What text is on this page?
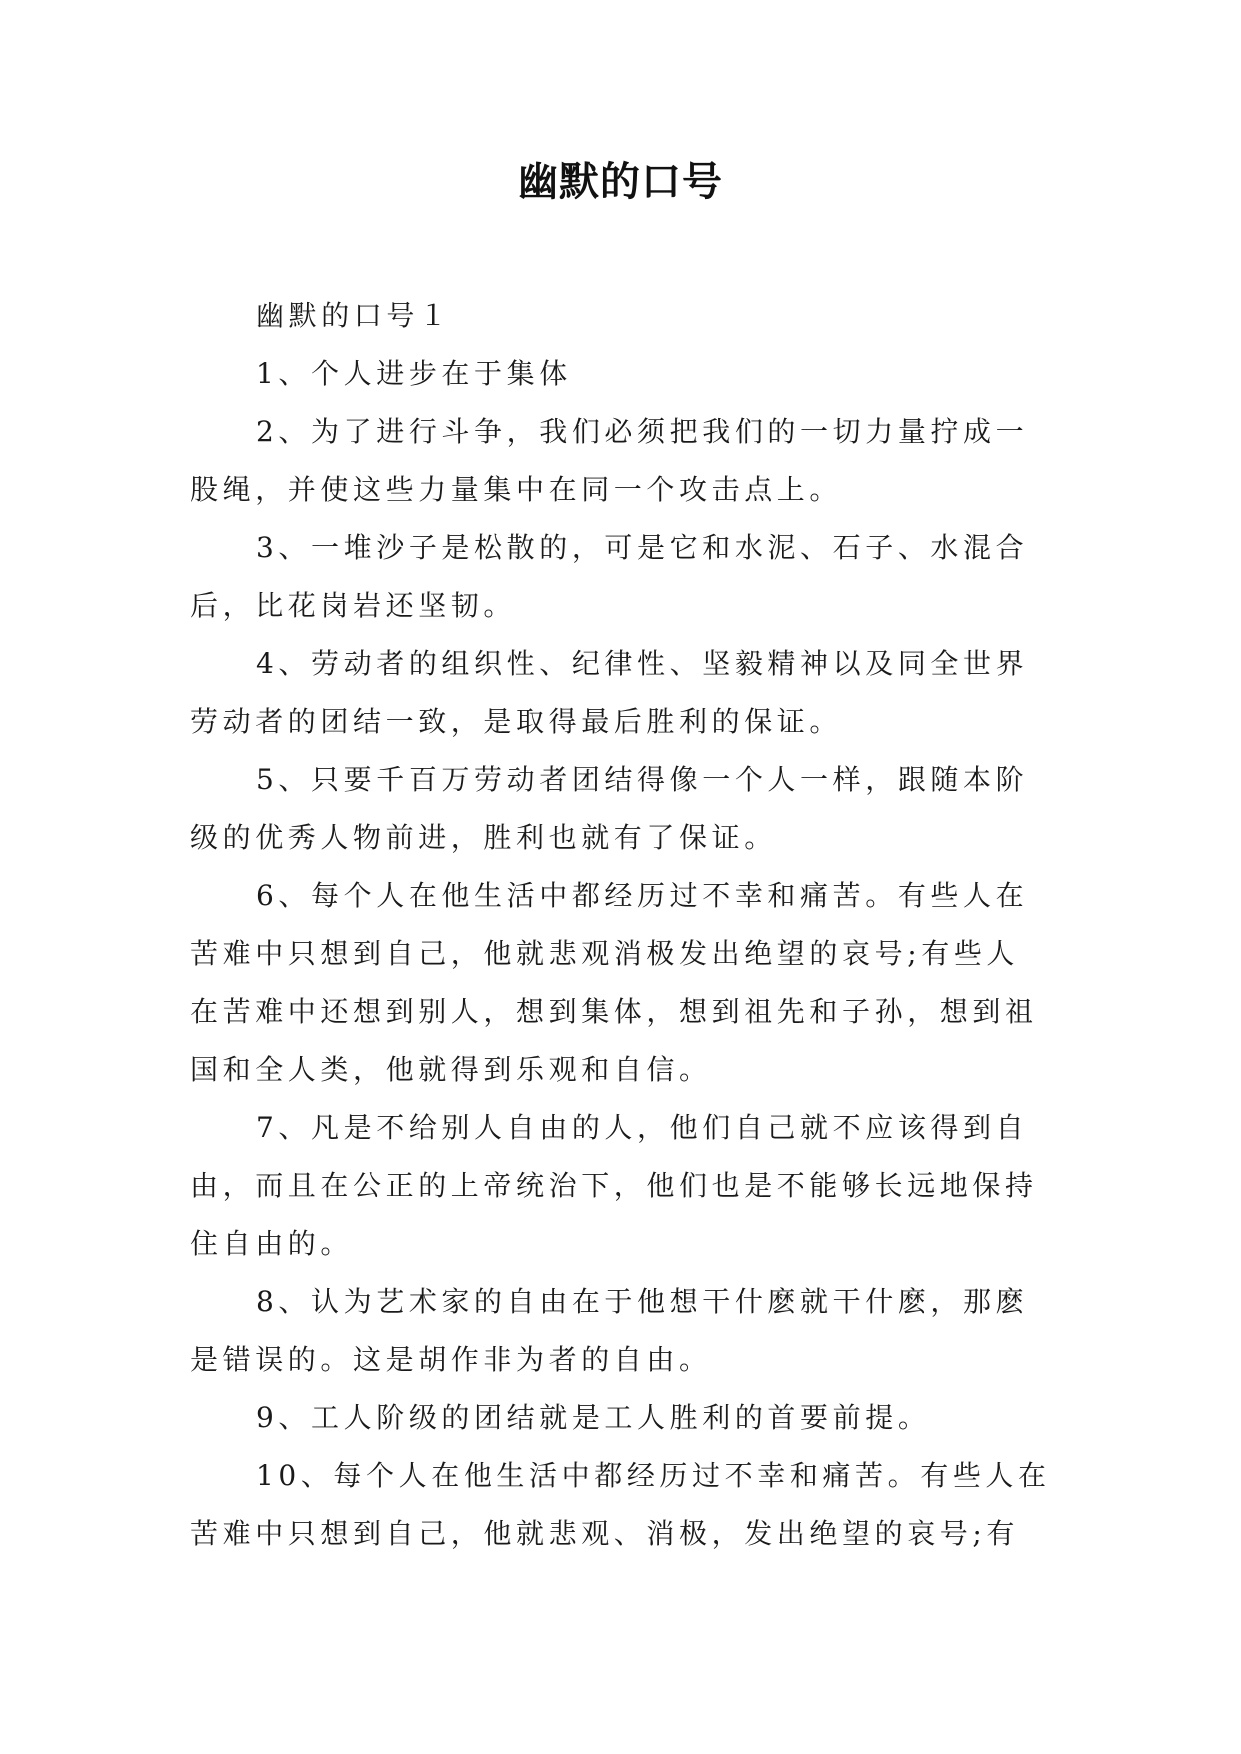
幽默的口号
幽默的口号１
1、个人进步在于集体
2、为了进行斗争，我们必须把我们的一切力量拧成一
股绳，并使这些力量集中在同一个攻击点上。
3、一堆沙子是松散的，可是它和水泥、石子、水混合
后，比花岗岩还坚韧。
4、劳动者的组织性、纪律性、坚毅精神以及同全世界
劳动者的团结一致，是取得最后胜利的保证。
5、只要千百万劳动者团结得像一个人一样，跟随本阶
级的优秀人物前进，胜利也就有了保证。
6、每个人在他生活中都经历过不幸和痛苦。有些人在
苦难中只想到自己，他就悲观消极发出绝望的哀号;有些人
在苦难中还想到别人，想到集体，想到祖先和子孙，想到祖
国和全人类，他就得到乐观和自信。
7、凡是不给别人自由的人，他们自己就不应该得到自
由，而且在公正的上帝统治下，他们也是不能够长远地保持
住自由的。
8、认为艺术家的自由在于他想干什麽就干什麽，那麽
是错误的。这是胡作非为者的自由。
9、工人阶级的团结就是工人胜利的首要前提。
10、每个人在他生活中都经历过不幸和痛苦。有些人在
苦难中只想到自己，他就悲观、消极，发出绝望的哀号;有
